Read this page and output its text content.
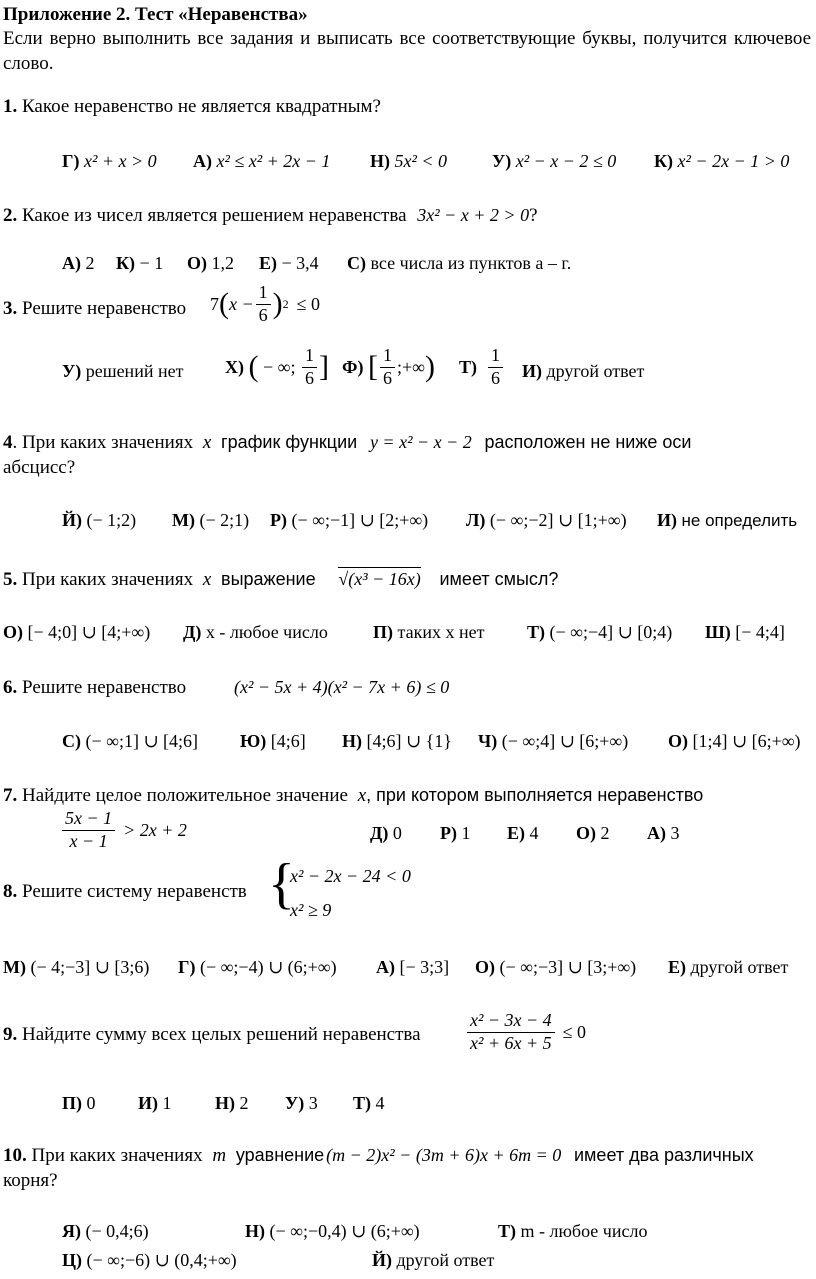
Приложение 2. Тест «Неравенства»
Если верно выполнить все задания и выписать все соответствующие буквы, получится ключевое слово.
1. Какое неравенство не является квадратным?
Г) x² + x > 0 А) x² ≤ x² + 2x − 1 Н) 5x² < 0 У) x² − x − 2 ≤ 0 К) x² − 2x − 1 > 0
2. Какое из чисел является решением неравенства 3x² − x + 2 > 0?
А) 2 К) − 1 О) 1,2 Е) − 3,4 С) все числа из пунктов а – г.
3. Решите неравенство 7 ( $x - \frac{1}{6}$ ) 2 ≤ 0
У) решений нет Х)
( − ∞; $\frac{1}{6}$ ] Ф)
[ $\frac{1}{6}$ ;+∞ ) Т)
$\frac{1}{6} И$) другой ответ
4. При каких значениях x график функции y = x² − x − 2 расположен не ниже оси
абсцисс?
Й) (− 1;2) М) (− 2;1) Р) (− ∞;−1] ∪ [2;+∞) Л) (− ∞;−2] ∪ [1;+∞) И) не определить
5. При каких значениях x выражение √(x³ − 16x) имеет смысл?
О) [− 4;0] ∪ [4;+∞) Д) x - любое число	П) таких x нет Т) (− ∞;−4] ∪ [0;4) Ш) [− 4;4]
6. Решите неравенство	(x² − 5x + 4)(x² − 7x + 6) ≤ 0
С) (− ∞;1] ∪ [4;6] Ю) [4;6] Н) [4;6] ∪ {1} Ч) (− ∞;4] ∪ [6;+∞) О) [1;4] ∪ [6;+∞)
7. Найдите целое положительное значение x, при котором выполняется неравенство
$\frac{5x - 1}{x - 1} > 2x + 2$	Д) 0 Р) 1 Е) 4 О) 2 А) 3
8. Решите систему неравенств {
x² − 2x − 24 < 0
x² ≥ 9
М) (− 4;−3] ∪ [3;6) Г) (− ∞;−4) ∪ (6;+∞) А) [− 3;3] О) (− ∞;−3] ∪ [3;+∞) Е) другой ответ
9. Найдите сумму всех целых решений неравенства	$\frac{\text{x² − 3x − 4}}{\text{x² + 6x + 5}} \le 0$
П) 0 И) 1 Н) 2 У) 3 Т) 4
10. При каких значениях m уравнение (m − 2)x² − (3m + 6)x + 6m = 0 имеет два различных
корня?
Я) (− 0,4;6)	Н) (− ∞;−0,4) ∪ (6;+∞)	Т) m - любое число
Ц) (− ∞;−6) ∪ (0,4;+∞)	Й) другой ответ
